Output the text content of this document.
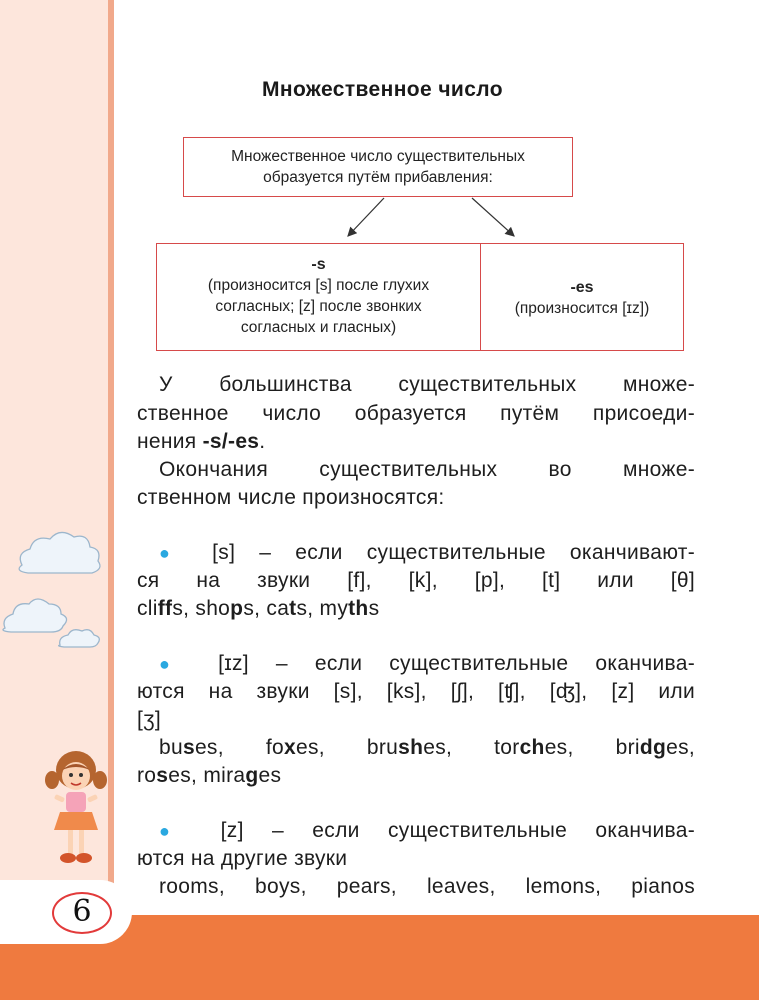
6
Множественное число
Множественное число существительных
образуется путём прибавления:
-s
(произносится [s] после глухих
согласных; [z] после звонких
согласных и гласных)
-es
(произносится [ɪz])
У большинства существительных множе-
ственное число образуется путём присоеди-
нения -s/-es.
Окончания существительных во множе-
ственном числе произносятся:
● [s] – если существительные оканчивают-
ся на звуки [f], [k], [p], [t] или [θ]
cliffs, shops, cats, myths
● [ɪz] – если существительные оканчива-
ются на звуки [s], [ks], [ʃ], [ʧ], [ʤ], [z] или
[ʒ]
buses, foxes, brushes, torches, bridges,
roses, mirages
● [z] – если существительные оканчива-
ются на другие звуки
rooms, boys, pears, leaves, lemons, pianos
